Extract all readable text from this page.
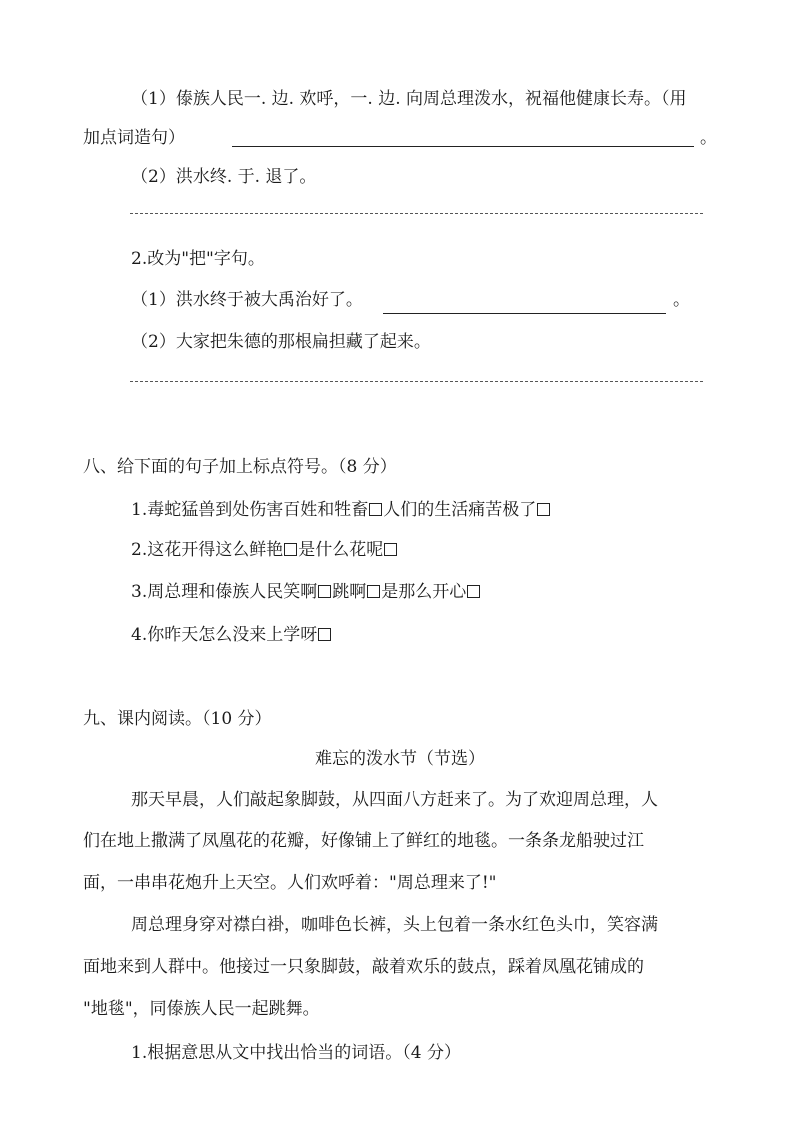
（1）傣族人民一. 边. 欢呼，一. 边. 向周总理泼水，祝福他健康长寿。（用
加点词造句）	。
（2）洪水终. 于. 退了。
2.改为"把"字句。
（1）洪水终于被大禹治好了。	。
（2）大家把朱德的那根扁担藏了起来。
八、给下面的句子加上标点符号。（8 分）
1.毒蛇猛兽到处伤害百姓和牲畜 人们的生活痛苦极了
2.这花开得这么鲜艳 是什么花呢
3.周总理和傣族人民笑啊 跳啊 是那么开心
4.你昨天怎么没来上学呀
九、课内阅读。（10 分）
难忘的泼水节（节选）
那天早晨，人们敲起象脚鼓，从四面八方赶来了。为了欢迎周总理，人
们在地上撒满了凤凰花的花瓣，好像铺上了鲜红的地毯。一条条龙船驶过江
面，一串串花炮升上天空。人们欢呼着："周总理来了!"
周总理身穿对襟白褂，咖啡色长裤，头上包着一条水红色头巾，笑容满
面地来到人群中。他接过一只象脚鼓，敲着欢乐的鼓点，踩着凤凰花铺成的
"地毯"，同傣族人民一起跳舞。
1.根据意思从文中找出恰当的词语。（4 分）
